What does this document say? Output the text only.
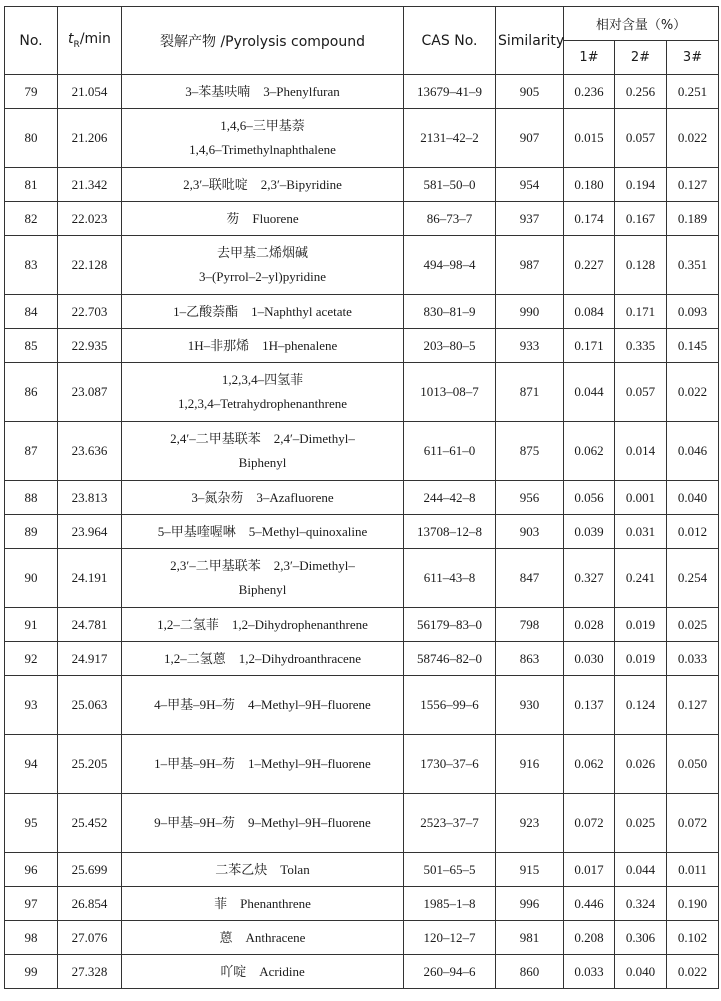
No.	$t_R/\min$	裂解产物 /Pyrolysis compound	CAS No.	Similarity	相对含量（%）		
					1#	2#	3#
79	21.054	3–苯基呋喃　3–Phenylfuran	13679–41–9	905	0.236	0.256	0.251
80	21.206	1,4,6–三甲基萘
1,4,6–Trimethylnaphthalene	2131–42–2	907	0.015	0.057	0.022
81	21.342	2,3′–联吡啶　2,3′–Bipyridine	581–50–0	954	0.180	0.194	0.127
82	22.023	芴　Fluorene	86–73–7	937	0.174	0.167	0.189
83	22.128	去甲基二烯烟碱
3–(Pyrrol–2–yl)pyridine	494–98–4	987	0.227	0.128	0.351
84	22.703	1–乙酸萘酯　1–Naphthyl acetate	830–81–9	990	0.084	0.171	0.093
85	22.935	1H–非那烯　1H–phenalene	203–80–5	933	0.171	0.335	0.145
86	23.087	1,2,3,4–四氢菲
1,2,3,4–Tetrahydrophenanthrene	1013–08–7	871	0.044	0.057	0.022
87	23.636	2,4′–二甲基联苯　2,4′–Dimethyl–
Biphenyl	611–61–0	875	0.062	0.014	0.046
88	23.813	3–氮杂芴　3–Azafluorene	244–42–8	956	0.056	0.001	0.040
89	23.964	5–甲基喹喔啉　5–Methyl–quinoxaline	13708–12–8	903	0.039	0.031	0.012
90	24.191	2,3′–二甲基联苯　2,3′–Dimethyl–
Biphenyl	611–43–8	847	0.327	0.241	0.254
91	24.781	1,2–二氢菲　1,2–Dihydrophenanthrene	56179–83–0	798	0.028	0.019	0.025
92	24.917	1,2–二氢蒽　1,2–Dihydroanthracene	58746–82–0	863	0.030	0.019	0.033
93	25.063	4–甲基–9H–芴　4–Methyl–9H–fluorene	1556–99–6	930	0.137	0.124	0.127
94	25.205	1–甲基–9H–芴　1–Methyl–9H–fluorene	1730–37–6	916	0.062	0.026	0.050
95	25.452	9–甲基–9H–芴　9–Methyl–9H–fluorene	2523–37–7	923	0.072	0.025	0.072
96	25.699	二苯乙炔　Tolan	501–65–5	915	0.017	0.044	0.011
97	26.854	菲　Phenanthrene	1985–1–8	996	0.446	0.324	0.190
98	27.076	蒽　Anthracene	120–12–7	981	0.208	0.306	0.102
99	27.328	吖啶　Acridine	260–94–6	860	0.033	0.040	0.022
